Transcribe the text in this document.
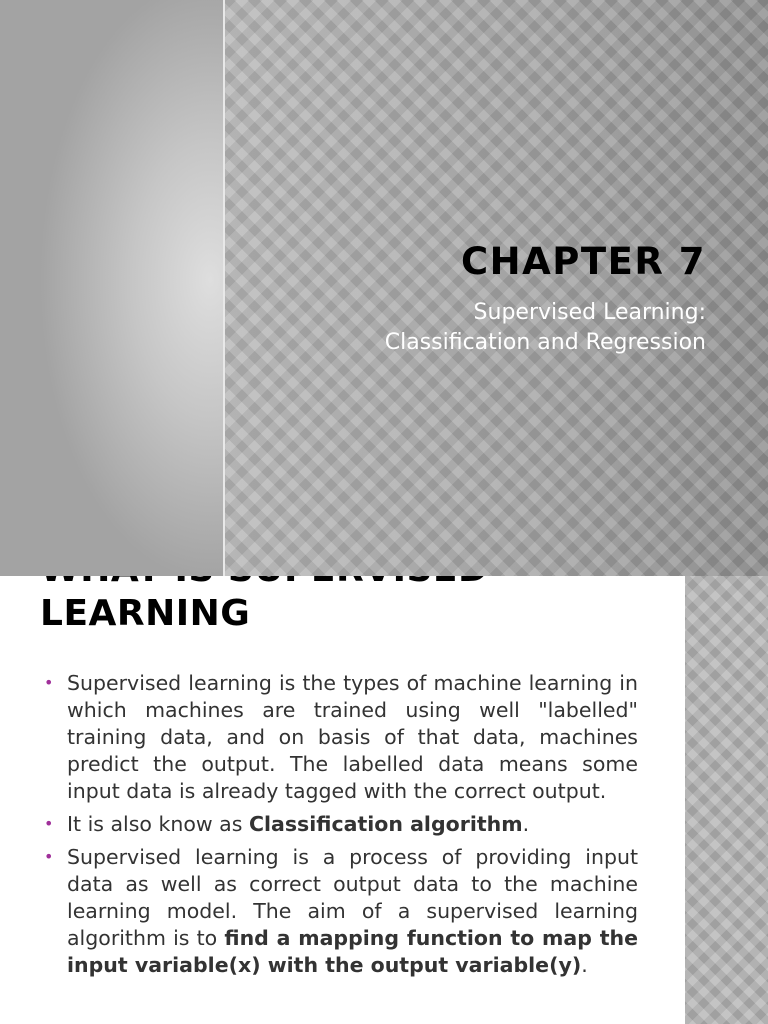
CHAPTER 7
Supervised Learning:
Classification and Regression
LEARNING
• Supervised learning is the types of machine learning in which machines are trained using well "labelled" training data, and on basis of that data, machines predict the output. The labelled data means some input data is already tagged with the correct output.
• It is also know as Classification algorithm.
• Supervised learning is a process of providing input data as well as correct output data to the machine learning model. The aim of a supervised learning algorithm is to find a mapping function to map the input variable(x) with the output variable(y).
